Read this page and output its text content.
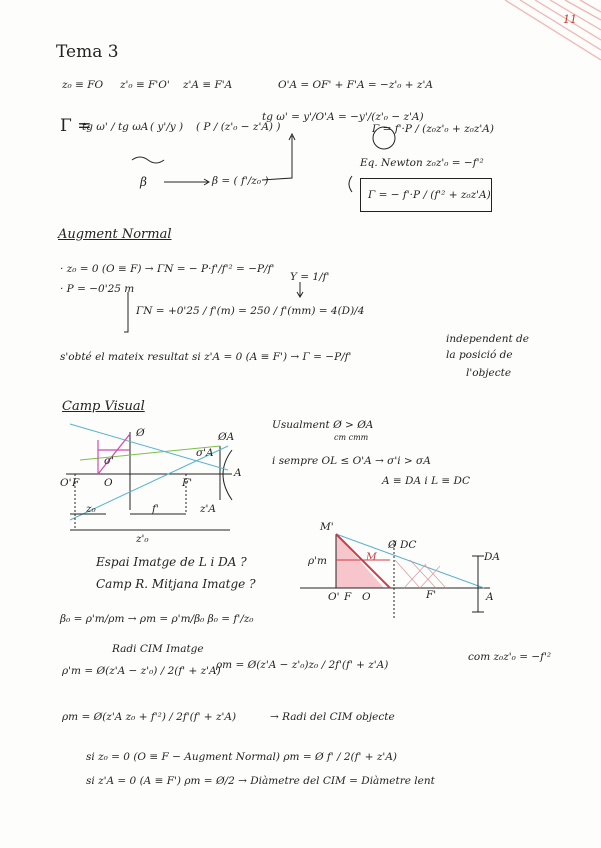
11
Tema 3
z₀ ≡ FO z'₀ ≡ F'O' z'A ≡ F'A	O'A = OF' + F'A = −z'₀ + z'A
Γ =
tg ω' / tg ωA ( y'/y ) ( P / (z'₀ − z'A) )
tg ω' = y'/O'A = −y'/(z'₀ − z'A)
Γ = f'·P / (z₀z'₀ + z₀z'A)
β	β = ( f'/z₀ )
Eq. Newton z₀z'₀ = −f'²
Γ = − f'·P / (f'² + z₀z'A)
Augment Normal
· z₀ = 0 (O ≡ F) → ΓN = − P·f'/f'² = −P/f'
· P = −0'25 m
Y = 1/f'
ΓN = +0'25 / f'(m) = 250 / f'(mm) = 4(D)/4
s'obté el mateix resultat si z'A = 0 (A ≡ F') → Γ = −P/f'
independent de
la posició de
l'objecte
Camp Visual
Ø	ØA
σ'
σ'A
O' F O	F'
A
z₀	f'	z'A
z'₀
Usualment Ø > ØA
cm cmm
i sempre OL ≤ O'A → σ'i > σA
A ≡ DA i L ≡ DC
Espai Imatge de L i DA ?
Camp R. Mitjana Imatge ?
M'
ρ'm	M
Ø DC
DA
O' F O	F'	A
β₀ = ρ'm/ρm → ρm = ρ'm/β₀ β₀ = f'/z₀
Radi CIM Imatge
ρ'm = Ø(z'A − z'₀) / 2(f' + z'A)
ρm = Ø(z'A − z'₀)z₀ / 2f'(f' + z'A)
com z₀z'₀ = −f'²
ρm = Ø(z'A z₀ + f'²) / 2f'(f' + z'A)	→ Radi del CIM objecte
si z₀ = 0 (O ≡ F − Augment Normal) ρm = Ø f' / 2(f' + z'A)
si z'A = 0 (A ≡ F') ρm = Ø/2 → Diàmetre del CIM = Diàmetre lent
